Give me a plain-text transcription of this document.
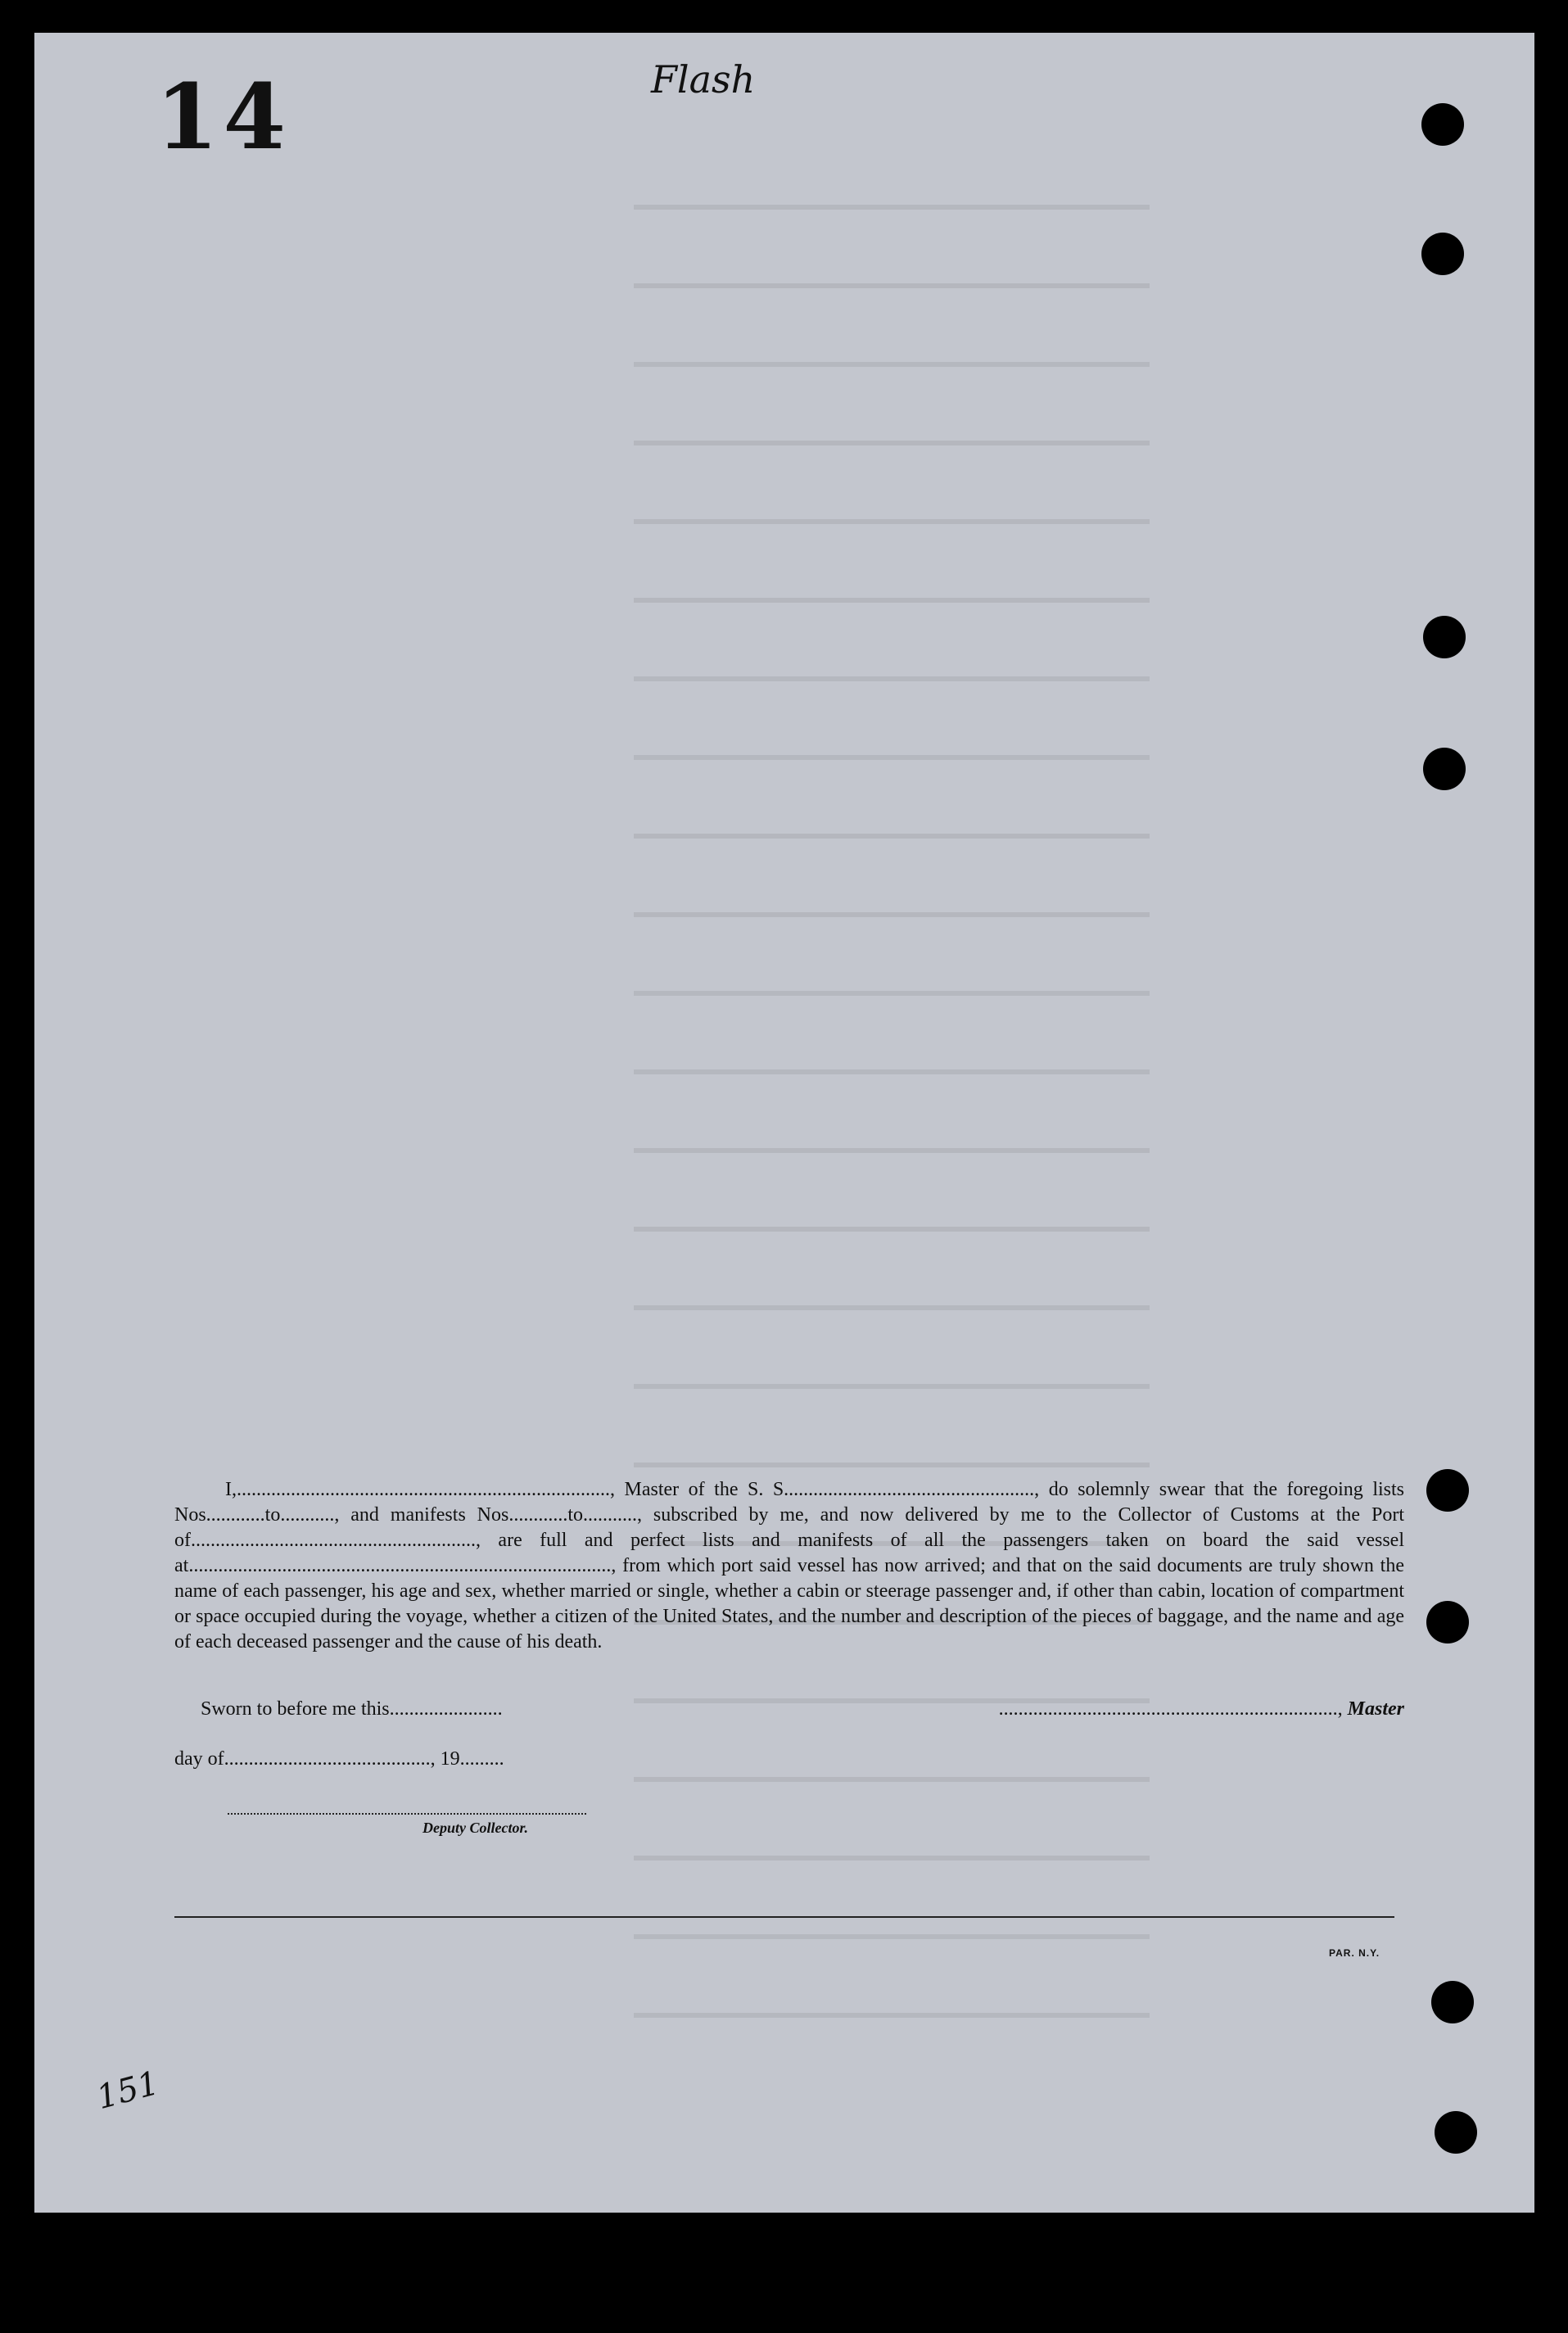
14	Flash

I,............................................................................, Master of the S. S..................................................., do solemnly swear that the foregoing lists Nos............to..........., and manifests Nos............to..........., subscribed by me, and now delivered by me to the Collector of Customs at the Port of.........................................................., are full and perfect lists and manifests of all the passengers taken on board the said vessel at......................................................................................, from which port said vessel has now arrived; and that on the said documents are truly shown the name of each passenger, his age and sex, whether married or single, whether a cabin or steerage passenger and, if other than cabin, location of compartment or space occupied during the voyage, whether a citizen of the United States, and the number and description of the pieces of baggage, and the name and age of each deceased passenger and the cause of his death.

Sworn to before me this.......................	....................................................................., Master
day of.........................................., 19.........
Deputy Collector.
PAR. N.Y.
151
